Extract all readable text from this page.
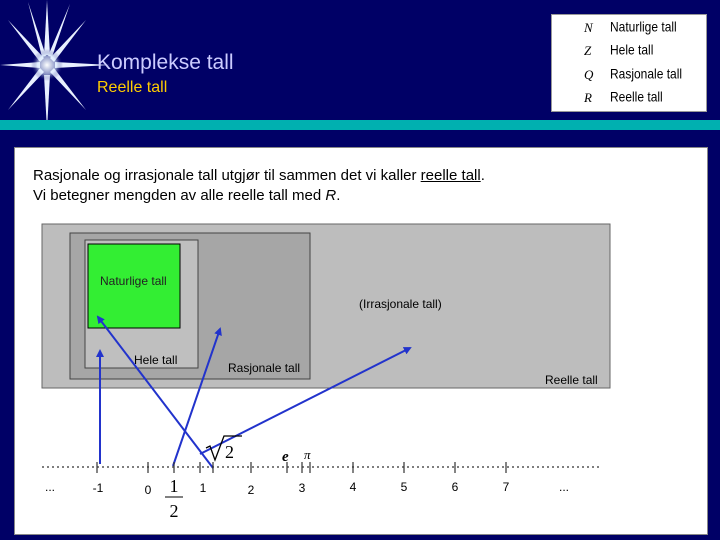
Komplekse tall
Reelle tall
N	Naturlige tall
Z	Hele tall
Q	Rasjonale tall
R	Reelle tall
Rasjonale og irrasjonale tall utgjør til sammen det vi kaller reelle tall.
Vi betegner mengden av alle reelle tall med R.
2	e π
1
2
Naturlige tall
Hele tall
Rasjonale tall
(Irrasjonale tall)
Reelle tall
...	-1	0	1	2	3	4	5	6	7	...
